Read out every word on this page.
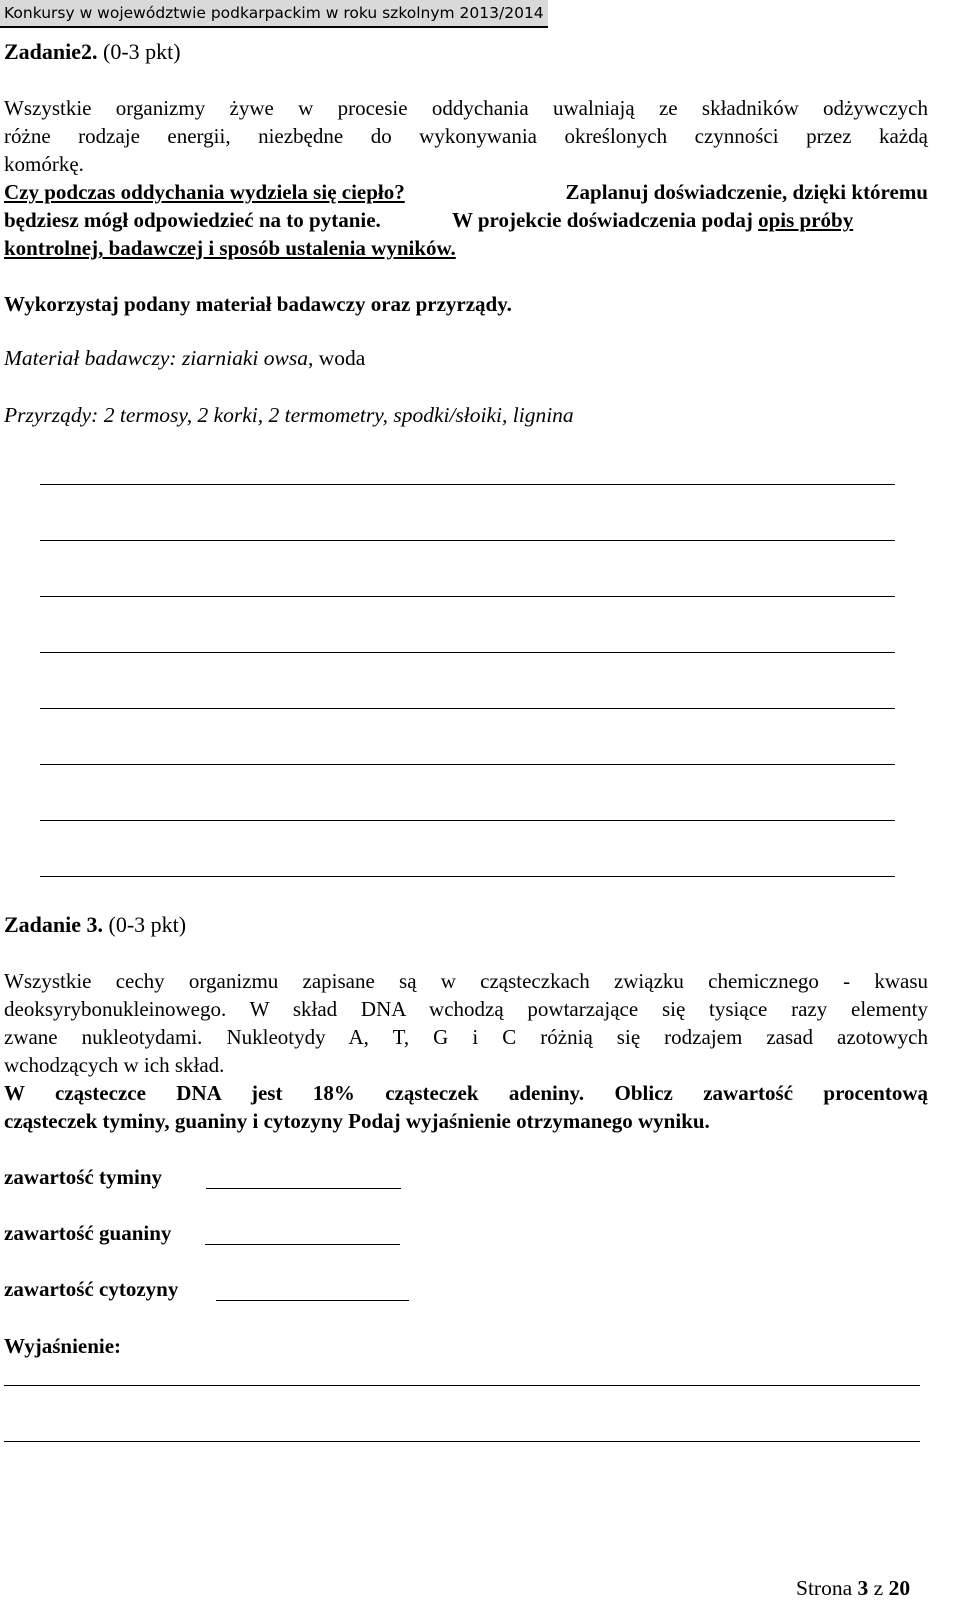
Konkursy w województwie podkarpackim w roku szkolnym 2013/2014
Zadanie2. (0-3 pkt)
Wszystkie organizmy żywe w procesie oddychania uwalniają ze składników odżywczych
różne rodzaje energii, niezbędne do wykonywania określonych czynności przez każdą
komórkę.
Czy podczas oddychania wydziela się ciepło?	Zaplanuj doświadczenie, dzięki któremu
będziesz mógł odpowiedzieć na to pytanie.	W projekcie doświadczenia podaj opis próby
kontrolnej, badawczej i sposób ustalenia wyników.
Wykorzystaj podany materiał badawczy oraz przyrządy.
Materiał badawczy: ziarniaki owsa, woda
Przyrządy: 2 termosy, 2 korki, 2 termometry, spodki/słoiki, lignina
Zadanie 3. (0-3 pkt)
Wszystkie cechy organizmu zapisane są w cząsteczkach związku chemicznego - kwasu
deoksyrybonukleinowego. W skład DNA wchodzą powtarzające się tysiące razy elementy
zwane nukleotydami. Nukleotydy A, T, G i C różnią się rodzajem zasad azotowych
wchodzących w ich skład.
W cząsteczce DNA jest 18% cząsteczek adeniny. Oblicz zawartość procentową
cząsteczek tyminy, guaniny i cytozyny Podaj wyjaśnienie otrzymanego wyniku.
zawartość tyminy
zawartość guaniny
zawartość cytozyny
Wyjaśnienie:
Strona 3 z 20
